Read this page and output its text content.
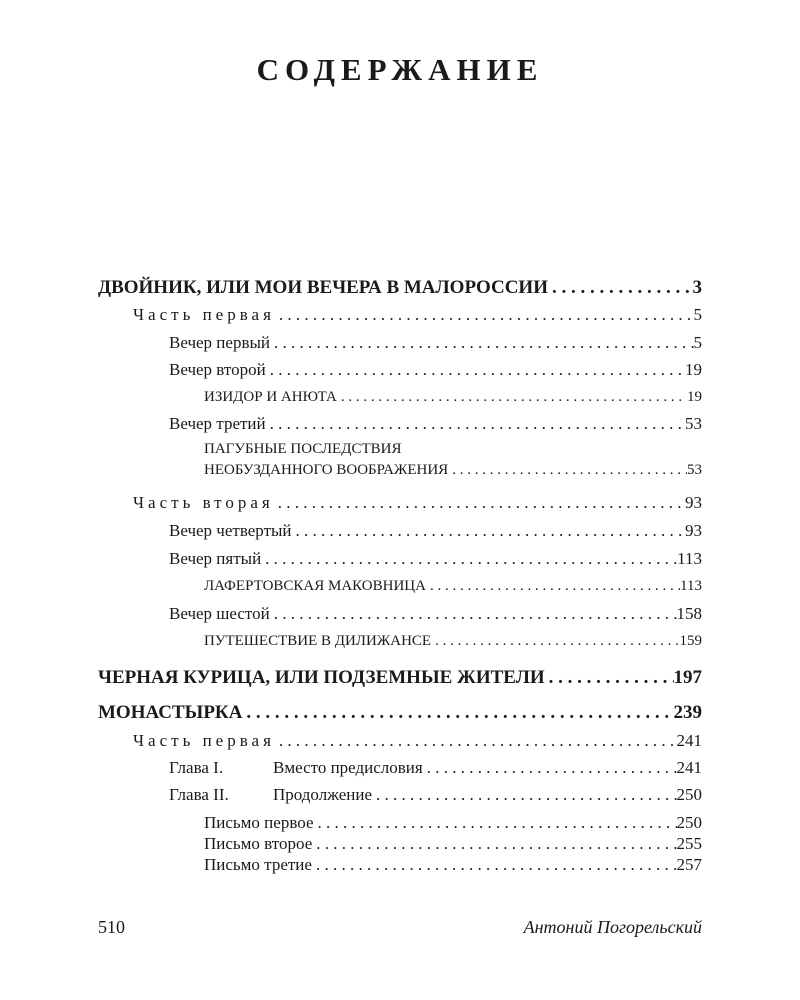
СОДЕРЖАНИЕ
ДВОЙНИК, ИЛИ МОИ ВЕЧЕРА В МАЛОРОССИИ . . .	3
Часть первая . . .	5
Вечер первый . . .	5
Вечер второй . . .	19
ИЗИДОР И АНЮТА . . .	19
Вечер третий . . .	53
ПАГУБНЫЕ ПОСЛЕДСТВИЯ
НЕОБУЗДАННОГО ВООБРАЖЕНИЯ . . .	53
Часть вторая . . .	93
Вечер четвертый . . .	93
Вечер пятый . . .	113
ЛАФЕРТОВСКАЯ МАКОВНИЦА . . .	113
Вечер шестой . . .	158
ПУТЕШЕСТВИЕ В ДИЛИЖАНСЕ . . .	159
ЧЕРНАЯ КУРИЦА, ИЛИ ПОДЗЕМНЫЕ ЖИТЕЛИ . . .	197
МОНАСТЫРКА . . .	239
Часть первая . . .	241
Глава I.	Вместо предисловия . . .	241
Глава II.	Продолжение . . .	250
Письмо первое . . .	250
Письмо второе . . .	255
Письмо третие . . .	257
510	Антоний Погорельский
